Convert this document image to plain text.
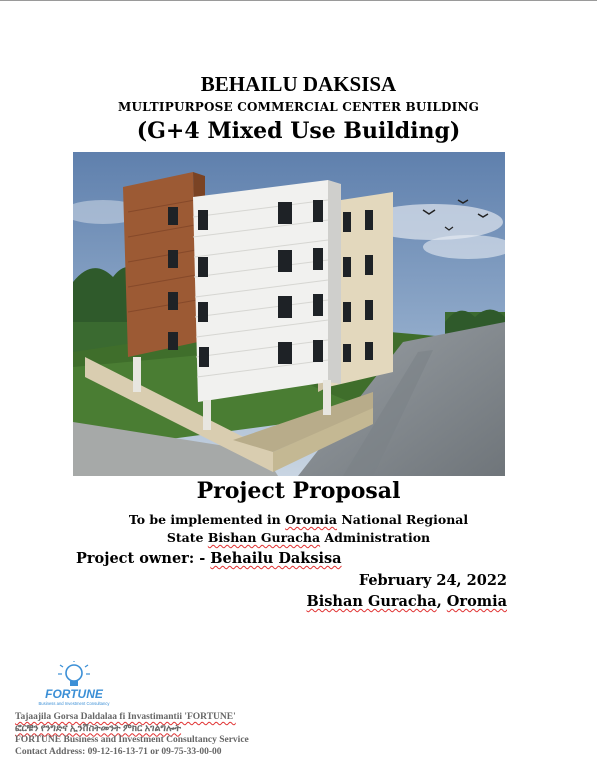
BEHAILU DAKSISA
MULTIPURPOSE COMMERCIAL CENTER BUILDING
(G+4 Mixed Use Building)
Project Proposal
To be implemented in Oromia National Regional
State Bishan Guracha Administration
Project owner: - Behailu Daksisa
February 24, 2022
Bishan Guracha, Oromia
FORTUNE
Business and Investment Consultancy
Tajaajila Gorsa Daldalaa fi Invastimantii 'FORTUNE'
ፎርቹን የንግድና ኢንቨስትመንት ምክር አገልግሎት
FORTUNE Business and Investment Consultancy Service
Contact Address: 09-12-16-13-71 or 09-75-33-00-00
